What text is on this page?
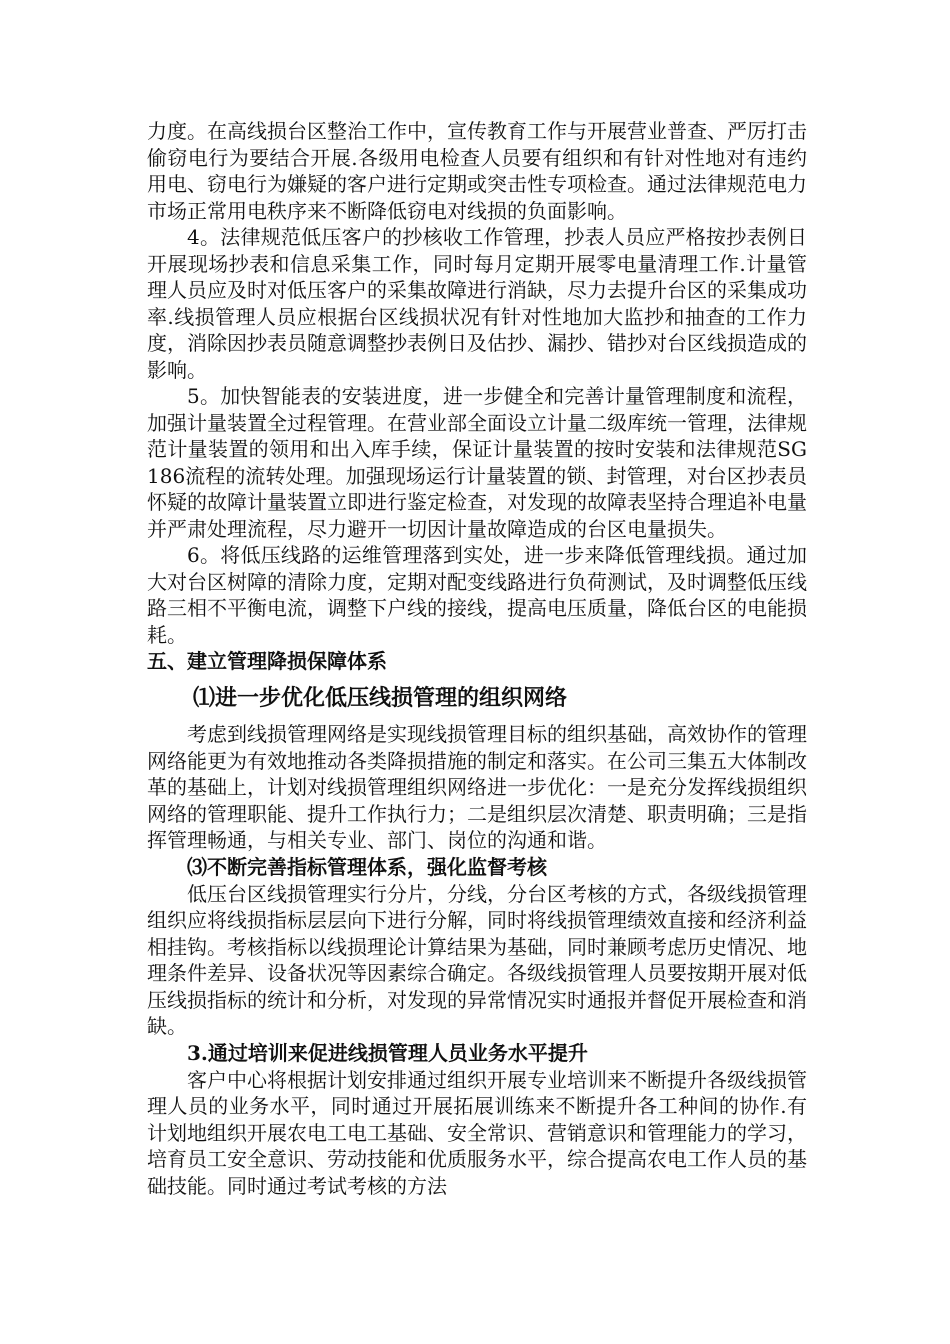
力度。在高线损台区整治工作中，宣传教育工作与开展营业普查、严厉打击偷窃电行为要结合开展.各级用电检查人员要有组织和有针对性地对有违约用电、窃电行为嫌疑的客户进行定期或突击性专项检查。通过法律规范电力市场正常用电秩序来不断降低窃电对线损的负面影响。

4。法律规范低压客户的抄核收工作管理，抄表人员应严格按抄表例日开展现场抄表和信息采集工作，同时每月定期开展零电量清理工作.计量管理人员应及时对低压客户的采集故障进行消缺，尽力去提升台区的采集成功率.线损管理人员应根据台区线损状况有针对性地加大监抄和抽查的工作力度，消除因抄表员随意调整抄表例日及估抄、漏抄、错抄对台区线损造成的影响。

5。加快智能表的安装进度，进一步健全和完善计量管理制度和流程，加强计量装置全过程管理。在营业部全面设立计量二级库统一管理，法律规范计量装置的领用和出入库手续，保证计量装置的按时安装和法律规范SG186流程的流转处理。加强现场运行计量装置的锁、封管理，对台区抄表员怀疑的故障计量装置立即进行鉴定检查，对发现的故障表坚持合理追补电量并严肃处理流程，尽力避开一切因计量故障造成的台区电量损失。

6。将低压线路的运维管理落到实处，进一步来降低管理线损。通过加大对台区树障的清除力度，定期对配变线路进行负荷测试，及时调整低压线路三相不平衡电流，调整下户线的接线，提高电压质量，降低台区的电能损耗。

五、建立管理降损保障体系
⑴进一步优化低压线损管理的组织网络

考虑到线损管理网络是实现线损管理目标的组织基础，高效协作的管理网络能更为有效地推动各类降损措施的制定和落实。在公司三集五大体制改革的基础上，计划对线损管理组织网络进一步优化：一是充分发挥线损组织网络的管理职能、提升工作执行力；二是组织层次清楚、职责明确；三是指挥管理畅通，与相关专业、部门、岗位的沟通和谐。

⑶不断完善指标管理体系，强化监督考核

低压台区线损管理实行分片，分线，分台区考核的方式，各级线损管理组织应将线损指标层层向下进行分解，同时将线损管理绩效直接和经济利益相挂钩。考核指标以线损理论计算结果为基础，同时兼顾考虑历史情况、地理条件差异、设备状况等因素综合确定。各级线损管理人员要按期开展对低压线损指标的统计和分析，对发现的异常情况实时通报并督促开展检查和消缺。

3.通过培训来促进线损管理人员业务水平提升

客户中心将根据计划安排通过组织开展专业培训来不断提升各级线损管理人员的业务水平，同时通过开展拓展训练来不断提升各工种间的协作.有计划地组织开展农电工电工基础、安全常识、营销意识和管理能力的学习，培育员工安全意识、劳动技能和优质服务水平，综合提高农电工作人员的基础技能。同时通过考试考核的方法
